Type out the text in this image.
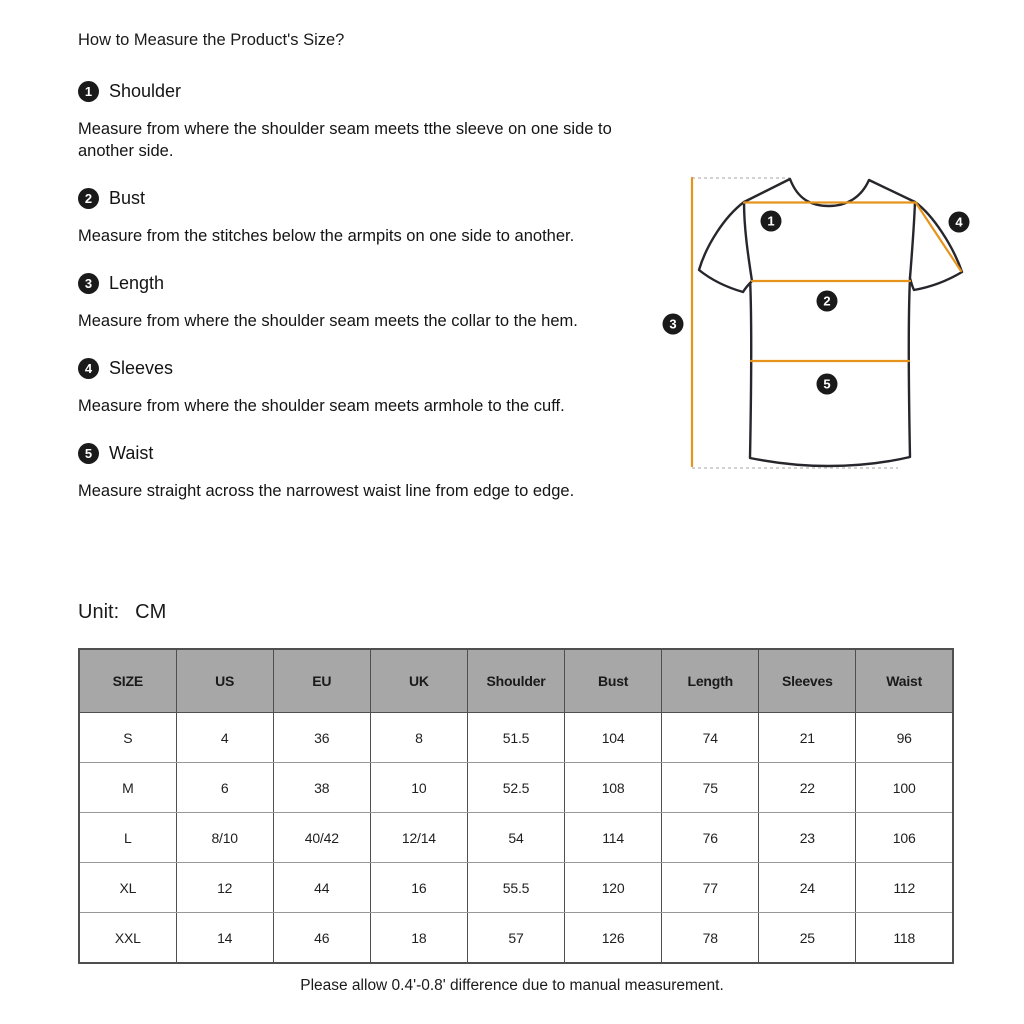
How to Measure the Product's Size?
1 Shoulder

Measure from where the shoulder seam meets tthe sleeve on one side to another side.

2 Bust

Measure from the stitches below the armpits on one side to another.

3 Length

Measure from where the shoulder seam meets the collar to the hem.

4 Sleeves

Measure from where the shoulder seam meets armhole to the cuff.

5 Waist

Measure straight across the narrowest waist line from edge to edge.

1
2
3
4
5
Unit: CM
SIZE	US	EU	UK	Shoulder	Bust	Length	Sleeves	Waist
S	4	36	8	51.5	104	74	21	96
M	6	38	10	52.5	108	75	22	100
L	8/10	40/42	12/14	54	114	76	23	106
XL	12	44	16	55.5	120	77	24	112
XXL	14	46	18	57	126	78	25	118
Please allow 0.4'-0.8' difference due to manual measurement.
